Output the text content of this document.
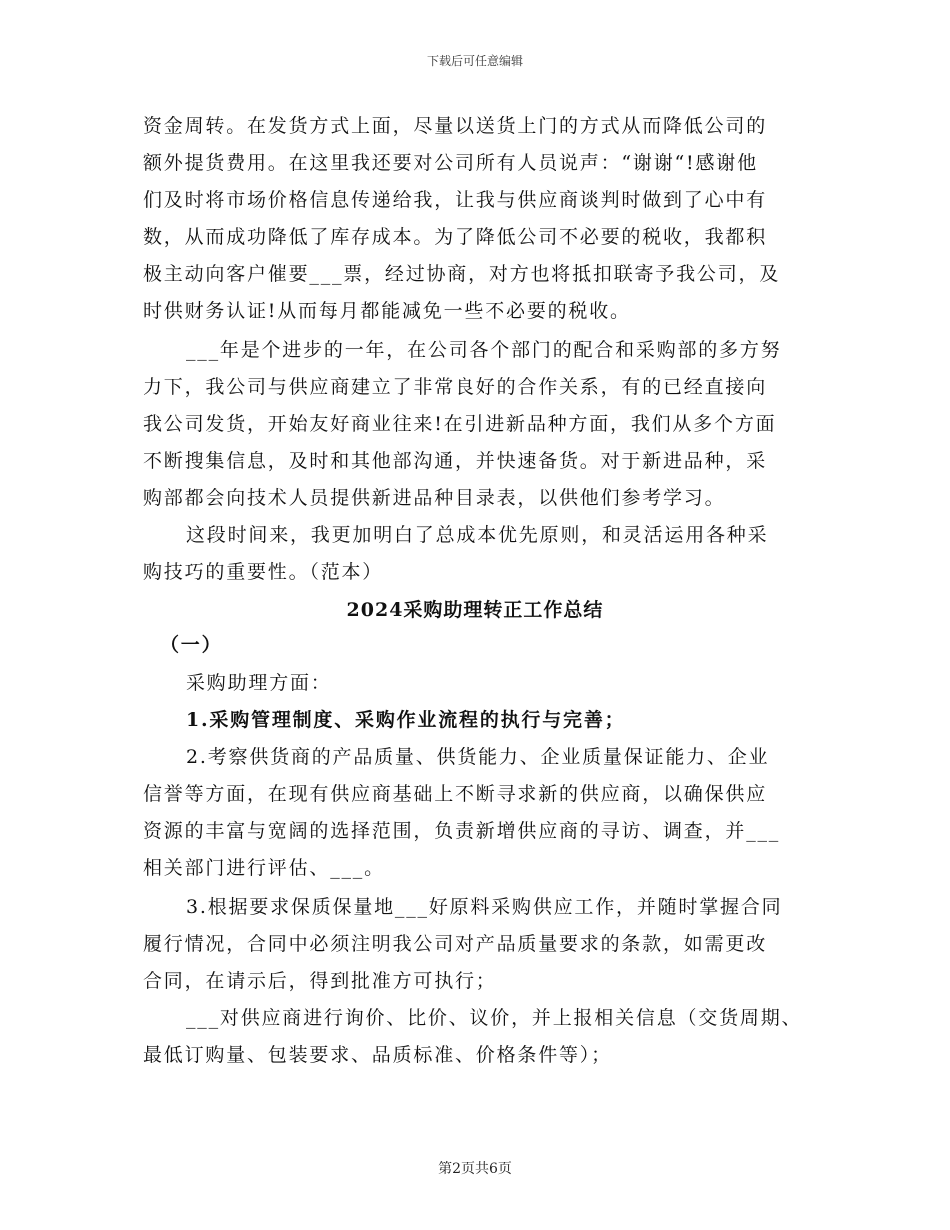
下载后可任意编辑
资金周转。在发货方式上面，尽量以送货上门的方式从而降低公司的
额外提货费用。在这里我还要对公司所有人员说声：“谢谢“!感谢他
们及时将市场价格信息传递给我，让我与供应商谈判时做到了心中有
数，从而成功降低了库存成本。为了降低公司不必要的税收，我都积
极主动向客户催要___票，经过协商，对方也将抵扣联寄予我公司，及
时供财务认证!从而每月都能减免一些不必要的税收。
___年是个进步的一年，在公司各个部门的配合和采购部的多方努
力下，我公司与供应商建立了非常良好的合作关系，有的已经直接向
我公司发货，开始友好商业往来!在引进新品种方面，我们从多个方面
不断搜集信息，及时和其他部沟通，并快速备货。对于新进品种，采
购部都会向技术人员提供新进品种目录表，以供他们参考学习。
这段时间来，我更加明白了总成本优先原则，和灵活运用各种采
购技巧的重要性。（范本）
2024采购助理转正工作总结
（一）
采购助理方面：
1.采购管理制度、采购作业流程的执行与完善；
2.考察供货商的产品质量、供货能力、企业质量保证能力、企业
信誉等方面，在现有供应商基础上不断寻求新的供应商，以确保供应
资源的丰富与宽阔的选择范围，负责新增供应商的寻访、调查，并___
相关部门进行评估、___。
3.根据要求保质保量地___好原料采购供应工作，并随时掌握合同
履行情况，合同中必须注明我公司对产品质量要求的条款，如需更改
合同，在请示后，得到批准方可执行；
___对供应商进行询价、比价、议价，并上报相关信息（交货周期、
最低订购量、包装要求、品质标准、价格条件等）；
第2页共6页
